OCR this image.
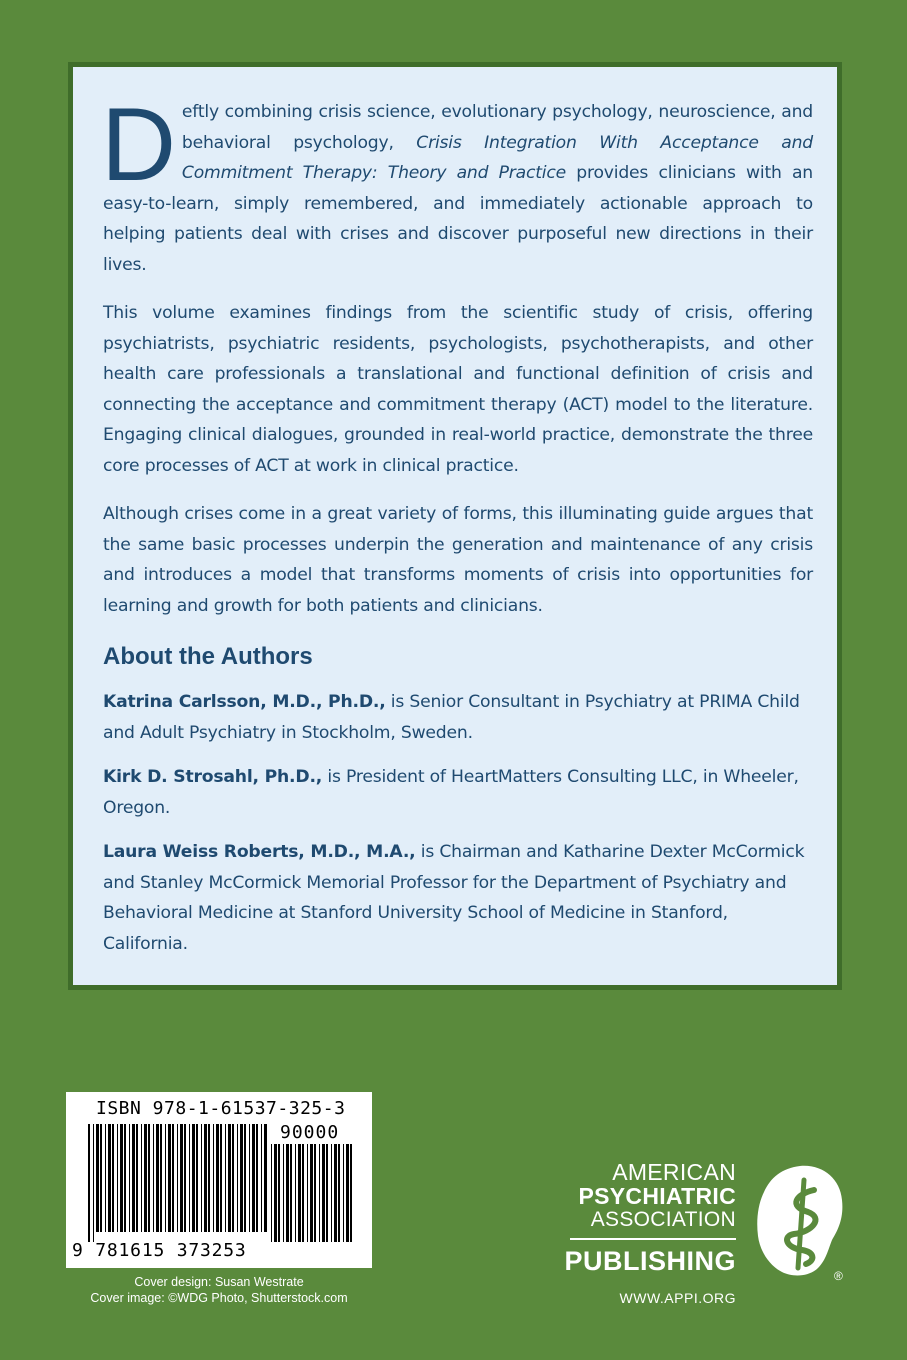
Deftly combining crisis science, evolutionary psychology, neuroscience, and behavioral psychology, Crisis Integration With Acceptance and Commitment Therapy: Theory and Practice provides clinicians with an easy-to-learn, simply remembered, and immediately actionable approach to helping patients deal with crises and discover purposeful new directions in their lives.

This volume examines findings from the scientific study of crisis, offering psychiatrists, psychiatric residents, psychologists, psychotherapists, and other health care professionals a translational and functional definition of crisis and connecting the acceptance and commitment therapy (ACT) model to the literature. Engaging clinical dialogues, grounded in real-world practice, demonstrate the three core processes of ACT at work in clinical practice.

Although crises come in a great variety of forms, this illuminating guide argues that the same basic processes underpin the generation and maintenance of any crisis and introduces a model that transforms moments of crisis into opportunities for learning and growth for both patients and clinicians.

About the Authors

Katrina Carlsson, M.D., Ph.D., is Senior Consultant in Psychiatry at PRIMA Child and Adult Psychiatry in Stockholm, Sweden.

Kirk D. Strosahl, Ph.D., is President of HeartMatters Consulting LLC, in Wheeler, Oregon.

Laura Weiss Roberts, M.D., M.A., is Chairman and Katharine Dexter McCormick and Stanley McCormick Memorial Professor for the Department of Psychiatry and Behavioral Medicine at Stanford University School of Medicine in Stanford, California.

ISBN 978-1-61537-325-3
90000
9 781615 373253
Cover design: Susan Westrate
Cover image: ©WDG Photo, Shutterstock.com
AMERICAN
PSYCHIATRIC
ASSOCIATION
PUBLISHING
WWW.APPI.ORG
®
